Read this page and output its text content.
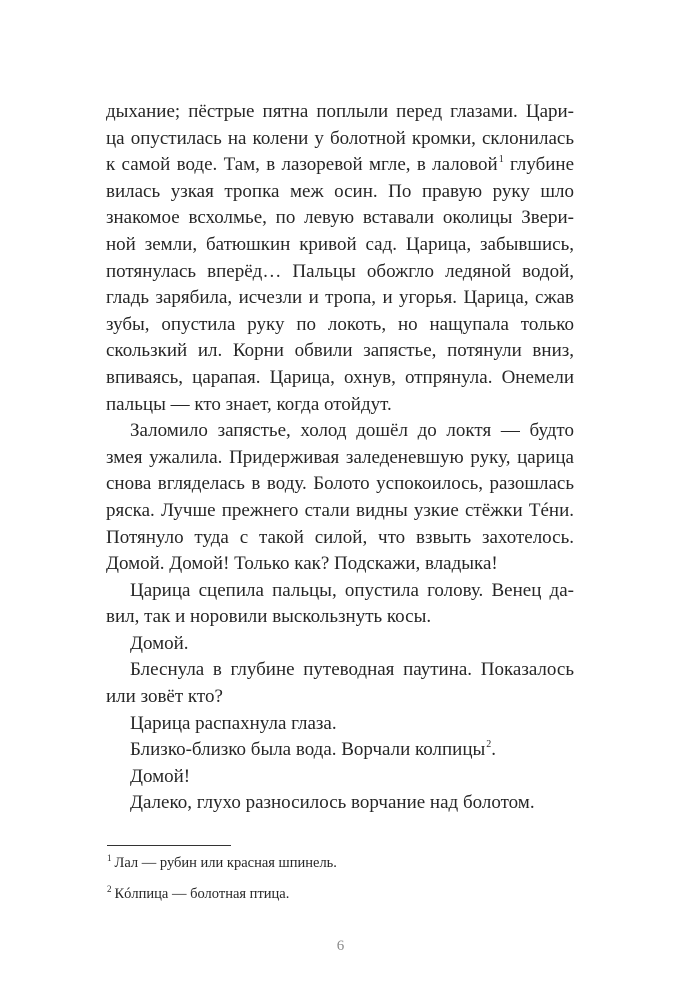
дыхание; пёстрые пятна поплыли перед глазами. Цари-
ца опустилась на колени у болотной кромки, склонилась
к самой воде. Там, в лазоревой мгле, в лаловой$^1$ глубине
вилась узкая тропка меж осин. По правую руку шло
знакомое всхолмье, по левую вставали околицы Звери-
ной земли, батюшкин кривой сад. Царица, забывшись,
потянулась вперёд… Пальцы обожгло ледяной водой,
гладь зарябила, исчезли и тропа, и угорья. Царица, сжав
зубы, опустила руку по локоть, но нащупала только
скользкий ил. Корни обвили запястье, потянули вниз,
впиваясь, царапая. Царица, охнув, отпрянула. Онемели
пальцы — кто знает, когда отойдут.
Заломило запястье, холод дошёл до локтя — будто
змея ужалила. Придерживая заледеневшую руку, царица
снова вгляделась в воду. Болото успокоилось, разошлась
ряска. Лучше прежнего стали видны узкие стёжки Тéни.
Потянуло туда с такой силой, что взвыть захотелось.
Домой. Домой! Только как? Подскажи, владыка!
Царица сцепила пальцы, опустила голову. Венец да-
вил, так и норовили выскользнуть косы.
Домой.
Блеснула в глубине путеводная паутина. Показалось
или зовёт кто?
Царица распахнула глаза.
Близко-близко была вода. Ворчали колпицы$^2$.
Домой!
Далеко, глухо разносилось ворчание над болотом.
$^1$ Лал — рубин или красная шпинель.
$^2$ Кóлпица — болотная птица.
6
